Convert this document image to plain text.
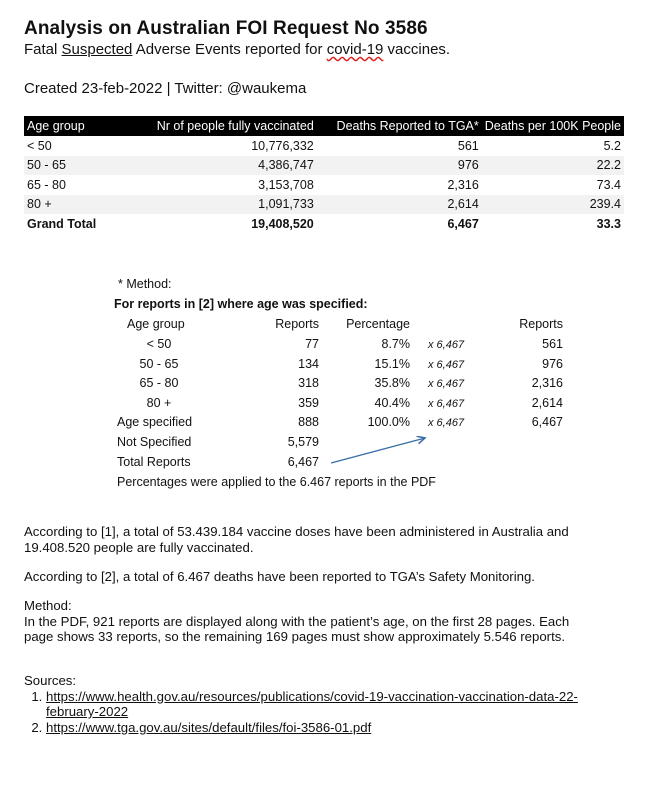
Analysis on Australian FOI Request No 3586
Fatal Suspected Adverse Events reported for covid-19 vaccines.
Created 23-feb-2022 | Twitter: @waukema
Age group	Nr of people fully vaccinated	Deaths Reported to TGA*	Deaths per 100K People
< 50	10,776,332	561	5.2
50 - 65	4,386,747	976	22.2
65 - 80	3,153,708	2,316	73.4
80 +	1,091,733	2,614	239.4
Grand Total	19,408,520	6,467	33.3
* Method:
For reports in [2] where age was specified:
Age group	Reports	Percentage	Reports
< 50	77	8.7% x 6,467	561
50 - 65	134	15.1% x 6,467	976
65 - 80	318	35.8% x 6,467	2,316
80 +	359	40.4% x 6,467	2,614
Age specified	888	100.0% x 6,467	6,467
Not Specified	5,579
Total Reports	6,467
Percentages were applied to the 6.467 reports in the PDF
According to [1], a total of 53.439.184 vaccine doses have been administered in Australia and 19.408.520 people are fully vaccinated.
According to [2], a total of 6.467 deaths have been reported to TGA’s Safety Monitoring.
Method:
In the PDF, 921 reports are displayed along with the patient’s age, on the first 28 pages. Each page shows 33 reports, so the remaining 169 pages must show approximately 5.546 reports.
Sources:
1. https://www.health.gov.au/resources/publications/covid-19-vaccination-vaccination-data-22-february-2022
2. https://www.tga.gov.au/sites/default/files/foi-3586-01.pdf
